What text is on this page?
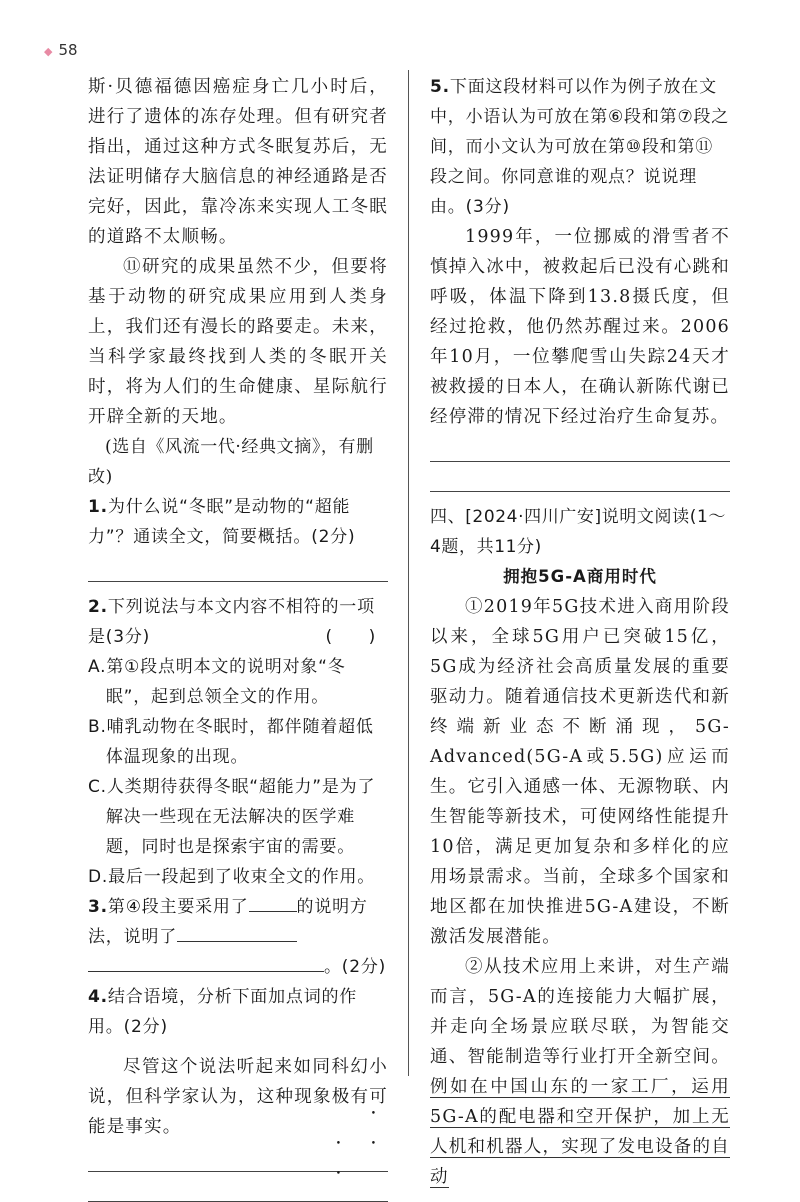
◆ 58

斯·贝德福德因癌症身亡几小时后，进行了遗体的冻存处理。但有研究者指出，通过这种方式冬眠复苏后，无法证明储存大脑信息的神经通路是否完好，因此，靠冷冻来实现人工冬眠的道路不太顺畅。

⑪研究的成果虽然不少，但要将基于动物的研究成果应用到人类身上，我们还有漫长的路要走。未来，当科学家最终找到人类的冬眠开关时，将为人们的生命健康、星际航行开辟全新的天地。

(选自《风流一代·经典文摘》，有删改)

1.为什么说“冬眠”是动物的“超能力”？通读全文，简要概括。(2分)

2.下列说法与本文内容不相符的一项是(3分)	(　　)

A.第①段点明本文的说明对象“冬眠”，起到总领全文的作用。

B.哺乳动物在冬眠时，都伴随着超低体温现象的出现。

C.人类期待获得冬眠“超能力”是为了解决一些现在无法解决的医学难题，同时也是探索宇宙的需要。

D.最后一段起到了收束全文的作用。

3.第④段主要采用了	的说明方法，说明了

。(2分)

4.结合语境，分析下面加点词的作用。(2分)

尽管这个说法听起来如同科幻小说，但科学家认为，这种现象极有可能 • • • •是事实。

5.下面这段材料可以作为例子放在文中，小语认为可放在第⑥段和第⑦段之间，而小文认为可放在第⑩段和第⑪段之间。你同意谁的观点？说说理由。(3分)

1999年，一位挪威的滑雪者不慎掉入冰中，被救起后已没有心跳和呼吸，体温下降到13.8摄氏度，但经过抢救，他仍然苏醒过来。2006年10月，一位攀爬雪山失踪24天才被救援的日本人，在确认新陈代谢已经停滞的情况下经过治疗生命复苏。

四、[2024·四川广安]说明文阅读(1～4题，共11分)

拥抱5G-A商用时代

①2019年5G技术进入商用阶段以来，全球5G用户已突破15亿，5G成为经济社会高质量发展的重要驱动力。随着通信技术更新迭代和新终端新业态不断涌现，5G-Advanced(5G-A或5.5G)应运而生。它引入通感一体、无源物联、内生智能等新技术，可使网络性能提升10倍，满足更加复杂和多样化的应用场景需求。当前，全球多个国家和地区都在加快推进5G-A建设，不断激活发展潜能。

②从技术应用上来讲，对生产端而言，5G-A的连接能力大幅扩展，并走向全场景应联尽联，为智能交通、智能制造等行业打开全新空间。例如在中国山东的一家工厂，运用5G-A的配电器和空开保护，加上无人机和机器人，实现了发电设备的自动
